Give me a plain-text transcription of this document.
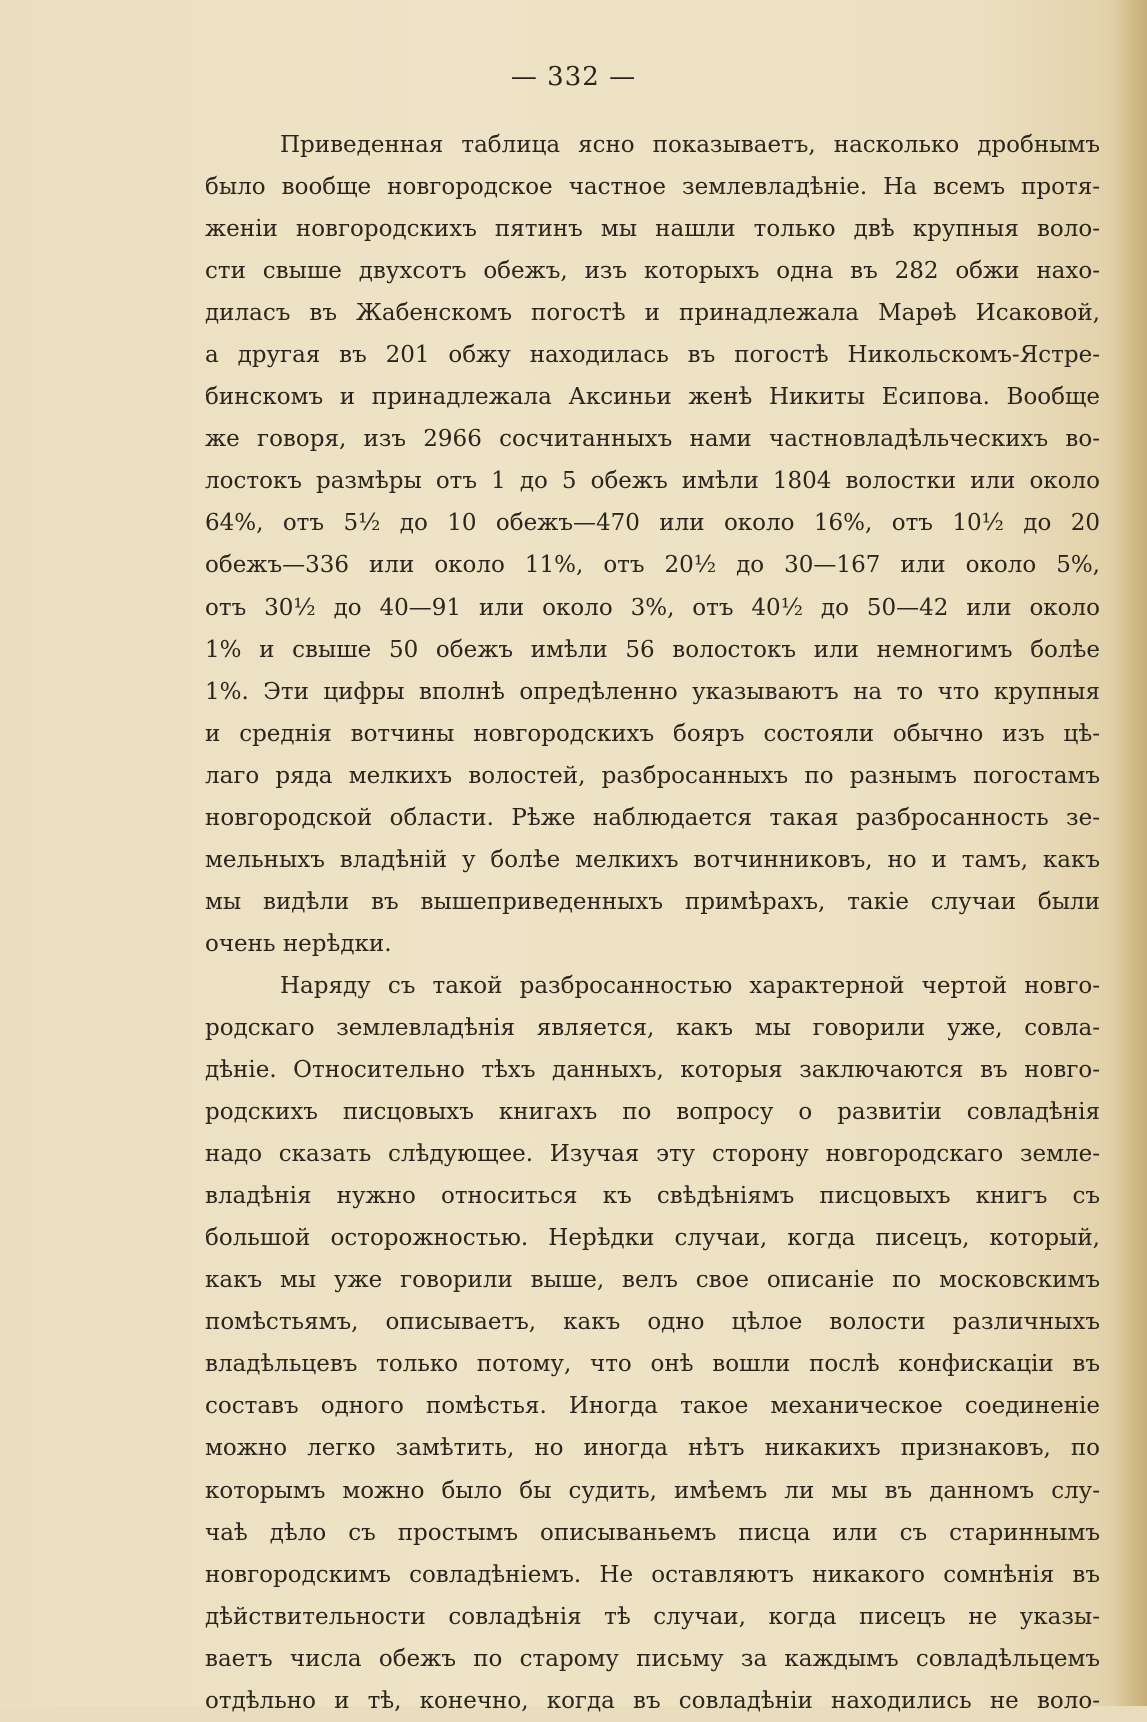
— 332 —
Приведенная таблица ясно показываетъ, насколько дробнымъ
было вообще новгородское частное землевладѣніе. На всемъ протя-
женіи новгородскихъ пятинъ мы нашли только двѣ крупныя воло-
сти свыше двухсотъ обежъ, изъ которыхъ одна въ 282 обжи нахо-
диласъ въ Жабенскомъ погостѣ и принадлежала Марѳѣ Исаковой,
а другая въ 201 обжу находилась въ погостѣ Никольскомъ-Ястре-
бинскомъ и принадлежала Аксиньи женѣ Никиты Есипова. Вообще
же говоря, изъ 2966 сосчитанныхъ нами частновладѣльческихъ во-
лостокъ размѣры отъ 1 до 5 обежъ имѣли 1804 волостки или около
64%, отъ 5½ до 10 обежъ—470 или около 16%, отъ 10½ до 20
обежъ—336 или около 11%, отъ 20½ до 30—167 или около 5%,
отъ 30½ до 40—91 или около 3%, отъ 40½ до 50—42 или около
1% и свыше 50 обежъ имѣли 56 волостокъ или немногимъ болѣе
1%. Эти цифры вполнѣ опредѣленно указываютъ на то что крупныя
и среднія вотчины новгородскихъ бояръ состояли обычно изъ цѣ-
лаго ряда мелкихъ волостей, разбросанныхъ по разнымъ погостамъ
новгородской области. Рѣже наблюдается такая разбросанность зе-
мельныхъ владѣній у болѣе мелкихъ вотчинниковъ, но и тамъ, какъ
мы видѣли въ вышеприведенныхъ примѣрахъ, такіе случаи были
очень нерѣдки.
Наряду съ такой разбросанностью характерной чертой новго-
родскаго землевладѣнія является, какъ мы говорили уже, совла-
дѣніе. Относительно тѣхъ данныхъ, которыя заключаются въ новго-
родскихъ писцовыхъ книгахъ по вопросу о развитіи совладѣнія
надо сказать слѣдующее. Изучая эту сторону новгородскаго земле-
владѣнія нужно относиться къ свѣдѣніямъ писцовыхъ книгъ съ
большой осторожностью. Нерѣдки случаи, когда писецъ, который,
какъ мы уже говорили выше, велъ свое описаніе по московскимъ
помѣстьямъ, описываетъ, какъ одно цѣлое волости различныхъ
владѣльцевъ только потому, что онѣ вошли послѣ конфискаціи въ
составъ одного помѣстья. Иногда такое механическое соединеніе
можно легко замѣтить, но иногда нѣтъ никакихъ признаковъ, по
которымъ можно было бы судить, имѣемъ ли мы въ данномъ слу-
чаѣ дѣло съ простымъ описываньемъ писца или съ стариннымъ
новгородскимъ совладѣніемъ. Не оставляютъ никакого сомнѣнія въ
дѣйствительности совладѣнія тѣ случаи, когда писецъ не указы-
ваетъ числа обежъ по старому письму за каждымъ совладѣльцемъ
отдѣльно и тѣ, конечно, когда въ совладѣніи находились не воло-
